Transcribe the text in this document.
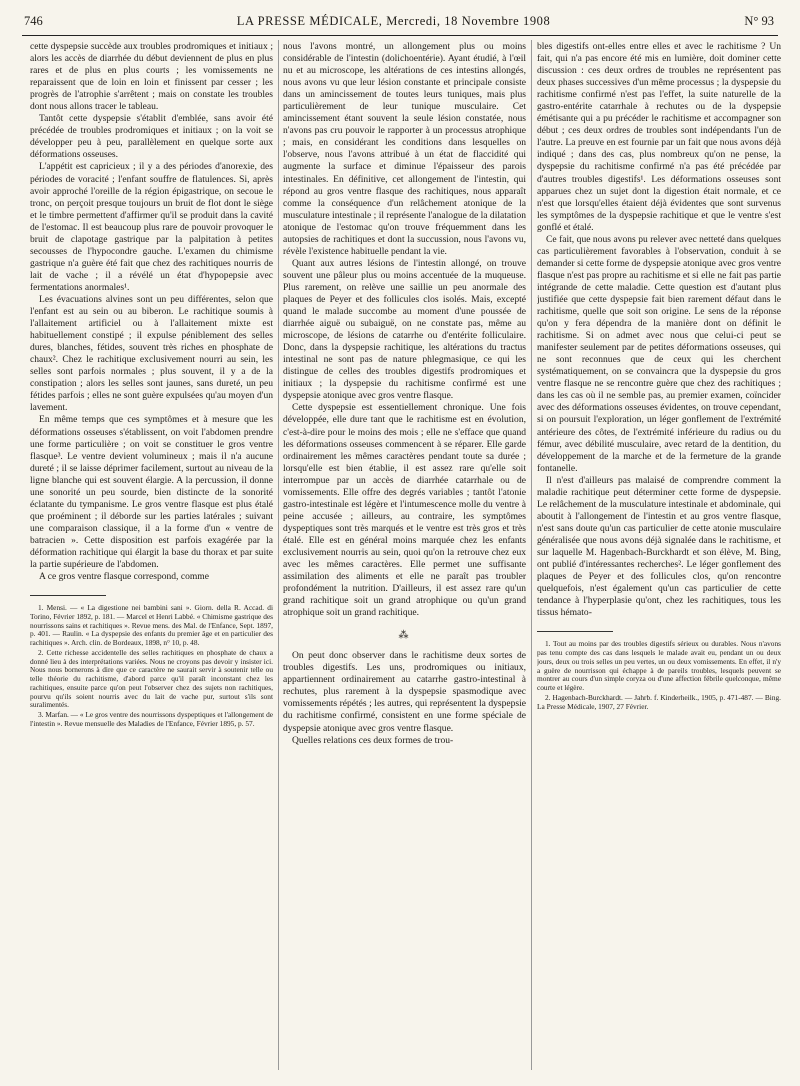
746	LA PRESSE MÉDICALE, Mercredi, 18 Novembre 1908	N° 93

cette dyspepsie succède aux troubles prodromiques et initiaux ; alors les accès de diarrhée du début deviennent de plus en plus rares et de plus en plus courts ; les vomissements ne reparaissent que de loin en loin et finissent par cesser ; les progrès de l'atrophie s'arrêtent ; mais on constate les troubles dont nous allons tracer le tableau.

Tantôt cette dyspepsie s'établit d'emblée, sans avoir été précédée de troubles prodromiques et initiaux ; on la voit se développer peu à peu, parallèlement en quelque sorte aux déformations osseuses.

L'appétit est capricieux ; il y a des périodes d'anorexie, des périodes de voracité ; l'enfant souffre de flatulences. Si, après avoir approché l'oreille de la région épigastrique, on secoue le tronc, on perçoit presque toujours un bruit de flot dont le siège et le timbre permettent d'affirmer qu'il se produit dans la cavité de l'estomac. Il est beaucoup plus rare de pouvoir provoquer le bruit de clapotage gastrique par la palpitation à petites secousses de l'hypocondre gauche. L'examen du chimisme gastrique n'a guère été fait que chez des rachitiques nourris de lait de vache ; il a révélé un état d'hypopepsie avec fermentations anormales¹.

Les évacuations alvines sont un peu différentes, selon que l'enfant est au sein ou au biberon. Le rachitique soumis à l'allaitement artificiel ou à l'allaitement mixte est habituellement constipé ; il expulse péniblement des selles dures, blanches, fétides, souvent très riches en phosphate de chaux². Chez le rachitique exclusivement nourri au sein, les selles sont parfois normales ; plus souvent, il y a de la constipation ; alors les selles sont jaunes, sans dureté, un peu fétides parfois ; elles ne sont guère expulsées qu'au moyen d'un lavement.

En même temps que ces symptômes et à mesure que les déformations osseuses s'établissent, on voit l'abdomen prendre une forme particulière ; on voit se constituer le gros ventre flasque³. Le ventre devient volumineux ; mais il n'a aucune dureté ; il se laisse déprimer facilement, surtout au niveau de la ligne blanche qui est souvent élargie. A la percussion, il donne une sonorité un peu sourde, bien distincte de la sonorité éclatante du tympanisme. Le gros ventre flasque est plus étalé que proéminent ; il déborde sur les parties latérales ; suivant une comparaison classique, il a la forme d'un « ventre de batracien ». Cette disposition est parfois exagérée par la déformation rachitique qui élargit la base du thorax et par suite la partie supérieure de l'abdomen.

A ce gros ventre flasque correspond, comme

1. Mensi. — « La digestione nei bambini sani ». Giorn. della R. Accad. di Torino, Février 1892, p. 181. — Marcel et Henri Labbé. « Chimisme gastrique des nourrissons sains et rachitiques ». Revue mens. des Mal. de l'Enfance, Sept. 1897, p. 401. — Raulin. « La dyspepsie des enfants du premier âge et en particulier des rachitiques ». Arch. clin. de Bordeaux, 1898, n° 10, p. 48.

2. Cette richesse accidentelle des selles rachitiques en phosphate de chaux a donné lieu à des interprétations variées. Nous ne croyons pas devoir y insister ici. Nous nous bornerons à dire que ce caractère ne saurait servir à soutenir telle ou telle théorie du rachitisme, d'abord parce qu'il paraît inconstant chez les rachitiques, ensuite parce qu'on peut l'observer chez des sujets non rachitiques, pourvu qu'ils soient nourris avec du lait de vache pur, surtout s'ils sont suralimentés.

3. Marfan. — « Le gros ventre des nourrissons dyspeptiques et l'allongement de l'intestin ». Revue mensuelle des Maladies de l'Enfance, Février 1895, p. 57.

nous l'avons montré, un allongement plus ou moins considérable de l'intestin (dolichoentérie). Ayant étudié, à l'œil nu et au microscope, les altérations de ces intestins allongés, nous avons vu que leur lésion constante et principale consiste dans un amincissement de toutes leurs tuniques, mais plus particulièrement de leur tunique musculaire. Cet amincissement étant souvent la seule lésion constatée, nous n'avons pas cru pouvoir le rapporter à un processus atrophique ; mais, en considérant les conditions dans lesquelles on l'observe, nous l'avons attribué à un état de flaccidité qui augmente la surface et diminue l'épaisseur des parois intestinales. En définitive, cet allongement de l'intestin, qui répond au gros ventre flasque des rachitiques, nous apparaît comme la conséquence d'un relâchement atonique de la musculature intestinale ; il représente l'analogue de la dilatation atonique de l'estomac qu'on trouve fréquemment dans les autopsies de rachitiques et dont la succussion, nous l'avons vu, révèle l'existence habituelle pendant la vie.

Quant aux autres lésions de l'intestin allongé, on trouve souvent une pâleur plus ou moins accentuée de la muqueuse. Plus rarement, on relève une saillie un peu anormale des plaques de Peyer et des follicules clos isolés. Mais, excepté quand le malade succombe au moment d'une poussée de diarrhée aiguë ou subaiguë, on ne constate pas, même au microscope, de lésions de catarrhe ou d'entérite folliculaire. Donc, dans la dyspepsie rachitique, les altérations du tractus intestinal ne sont pas de nature phlegmasique, ce qui les distingue de celles des troubles digestifs prodromiques et initiaux ; la dyspepsie du rachitisme confirmé est une dyspepsie atonique avec gros ventre flasque.

Cette dyspepsie est essentiellement chronique. Une fois développée, elle dure tant que le rachitisme est en évolution, c'est-à-dire pour le moins des mois ; elle ne s'efface que quand les déformations osseuses commencent à se réparer. Elle garde ordinairement les mêmes caractères pendant toute sa durée ; lorsqu'elle est bien établie, il est assez rare qu'elle soit interrompue par un accès de diarrhée catarrhale ou de vomissements. Elle offre des degrés variables ; tantôt l'atonie gastro-intestinale est légère et l'intumescence molle du ventre à peine accusée ; ailleurs, au contraire, les symptômes dyspeptiques sont très marqués et le ventre est très gros et très étalé. Elle est en général moins marquée chez les enfants exclusivement nourris au sein, quoi qu'on la retrouve chez eux avec les mêmes caractères. Elle permet une suffisante assimilation des aliments et elle ne paraît pas troubler profondément la nutrition. D'ailleurs, il est assez rare qu'un grand rachitique soit un grand atrophique ou qu'un grand atrophique soit un grand rachitique.

⁂

On peut donc observer dans le rachitisme deux sortes de troubles digestifs. Les uns, prodromiques ou initiaux, appartiennent ordinairement au catarrhe gastro-intestinal à rechutes, plus rarement à la dyspepsie spasmodique avec vomissements répétés ; les autres, qui représentent la dyspepsie du rachitisme confirmé, consistent en une forme spéciale de dyspepsie atonique avec gros ventre flasque.

Quelles relations ces deux formes de trou-

bles digestifs ont-elles entre elles et avec le rachitisme ? Un fait, qui n'a pas encore été mis en lumière, doit dominer cette discussion : ces deux ordres de troubles ne représentent pas deux phases successives d'un même processus ; la dyspepsie du rachitisme confirmé n'est pas l'effet, la suite naturelle de la gastro-entérite catarrhale à rechutes ou de la dyspepsie émétisante qui a pu précéder le rachitisme et accompagner son début ; ces deux ordres de troubles sont indépendants l'un de l'autre. La preuve en est fournie par un fait que nous avons déjà indiqué ; dans des cas, plus nombreux qu'on ne pense, la dyspepsie du rachitisme confirmé n'a pas été précédée par d'autres troubles digestifs¹. Les déformations osseuses sont apparues chez un sujet dont la digestion était normale, et ce n'est que lorsqu'elles étaient déjà évidentes que sont survenus les symptômes de la dyspepsie rachitique et que le ventre s'est gonflé et étalé.

Ce fait, que nous avons pu relever avec netteté dans quelques cas particulièrement favorables à l'observation, conduit à se demander si cette forme de dyspepsie atonique avec gros ventre flasque n'est pas propre au rachitisme et si elle ne fait pas partie intégrande de cette maladie. Cette question est d'autant plus justifiée que cette dyspepsie fait bien rarement défaut dans le rachitisme, quelle que soit son origine. Le sens de la réponse qu'on y fera dépendra de la manière dont on définit le rachitisme. Si on admet avec nous que celui-ci peut se manifester seulement par de petites déformations osseuses, qui ne sont reconnues que de ceux qui les cherchent systématiquement, on se convaincra que la dyspepsie du gros ventre flasque ne se rencontre guère que chez des rachitiques ; dans les cas où il ne semble pas, au premier examen, coïncider avec des déformations osseuses évidentes, on trouve cependant, si on poursuit l'exploration, un léger gonflement de l'extrémité antérieure des côtes, de l'extrémité inférieure du radius ou du fémur, avec débilité musculaire, avec retard de la dentition, du développement de la marche et de la fermeture de la grande fontanelle.

Il n'est d'ailleurs pas malaisé de comprendre comment la maladie rachitique peut déterminer cette forme de dyspepsie. Le relâchement de la musculature intestinale et abdominale, qui aboutit à l'allongement de l'intestin et au gros ventre flasque, n'est sans doute qu'un cas particulier de cette atonie musculaire généralisée que nous avons déjà signalée dans le rachitisme, et sur laquelle M. Hagenbach-Burckhardt et son élève, M. Bing, ont publié d'intéressantes recherches². Le léger gonflement des plaques de Peyer et des follicules clos, qu'on rencontre quelquefois, n'est également qu'un cas particulier de cette tendance à l'hyperplasie qu'ont, chez les rachitiques, tous les tissus hémato-

1. Tout au moins par des troubles digestifs sérieux ou durables. Nous n'avons pas tenu compte des cas dans lesquels le malade avait eu, pendant un ou deux jours, deux ou trois selles un peu vertes, un ou deux vomissements. En effet, il n'y a guère de nourrisson qui échappe à de pareils troubles, lesquels peuvent se montrer au cours d'un simple coryza ou d'une affection fébrile quelconque, même courte et légère.

2. Hagenbach-Burckhardt. — Jahrb. f. Kinderheilk., 1905, p. 471-487. — Bing. La Presse Médicale, 1907, 27 Février.
